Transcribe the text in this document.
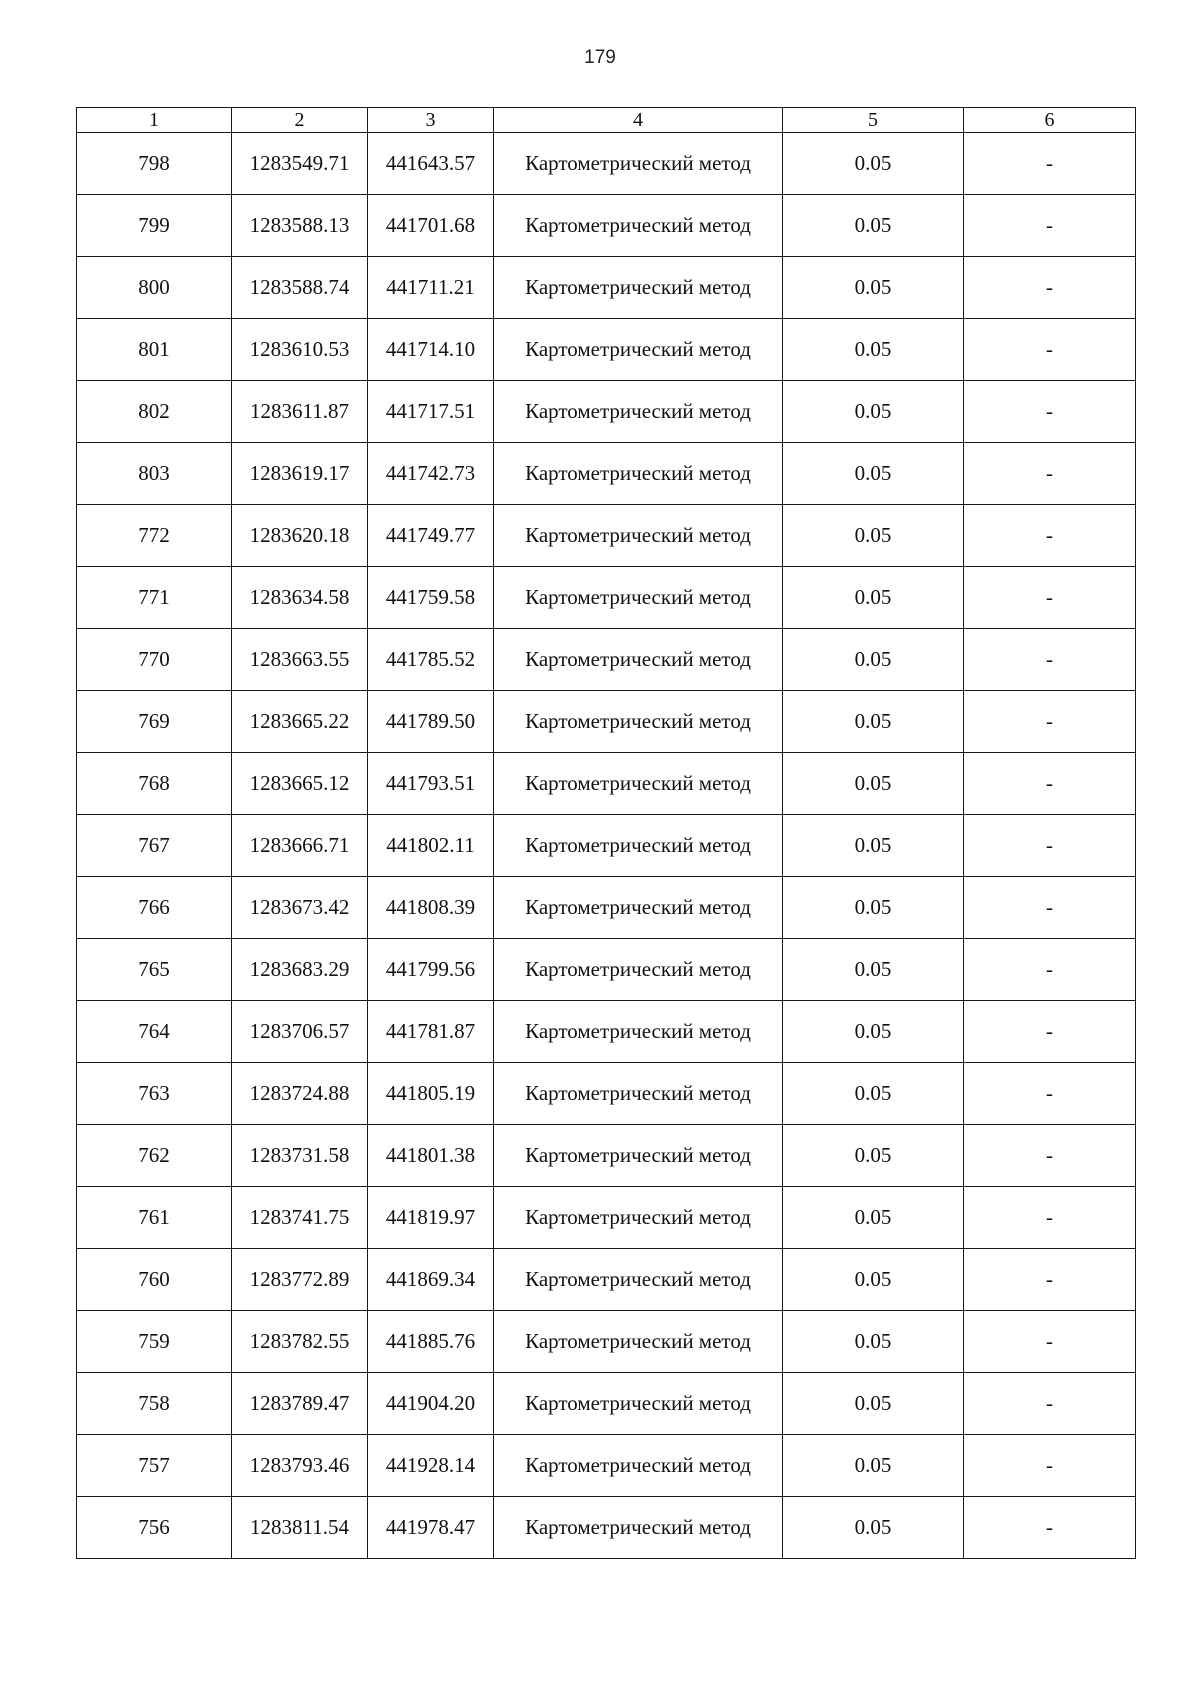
179
1	2	3	4	5	6
798	1283549.71	441643.57	Картометрический метод	0.05	-
799	1283588.13	441701.68	Картометрический метод	0.05	-
800	1283588.74	441711.21	Картометрический метод	0.05	-
801	1283610.53	441714.10	Картометрический метод	0.05	-
802	1283611.87	441717.51	Картометрический метод	0.05	-
803	1283619.17	441742.73	Картометрический метод	0.05	-
772	1283620.18	441749.77	Картометрический метод	0.05	-
771	1283634.58	441759.58	Картометрический метод	0.05	-
770	1283663.55	441785.52	Картометрический метод	0.05	-
769	1283665.22	441789.50	Картометрический метод	0.05	-
768	1283665.12	441793.51	Картометрический метод	0.05	-
767	1283666.71	441802.11	Картометрический метод	0.05	-
766	1283673.42	441808.39	Картометрический метод	0.05	-
765	1283683.29	441799.56	Картометрический метод	0.05	-
764	1283706.57	441781.87	Картометрический метод	0.05	-
763	1283724.88	441805.19	Картометрический метод	0.05	-
762	1283731.58	441801.38	Картометрический метод	0.05	-
761	1283741.75	441819.97	Картометрический метод	0.05	-
760	1283772.89	441869.34	Картометрический метод	0.05	-
759	1283782.55	441885.76	Картометрический метод	0.05	-
758	1283789.47	441904.20	Картометрический метод	0.05	-
757	1283793.46	441928.14	Картометрический метод	0.05	-
756	1283811.54	441978.47	Картометрический метод	0.05	-
